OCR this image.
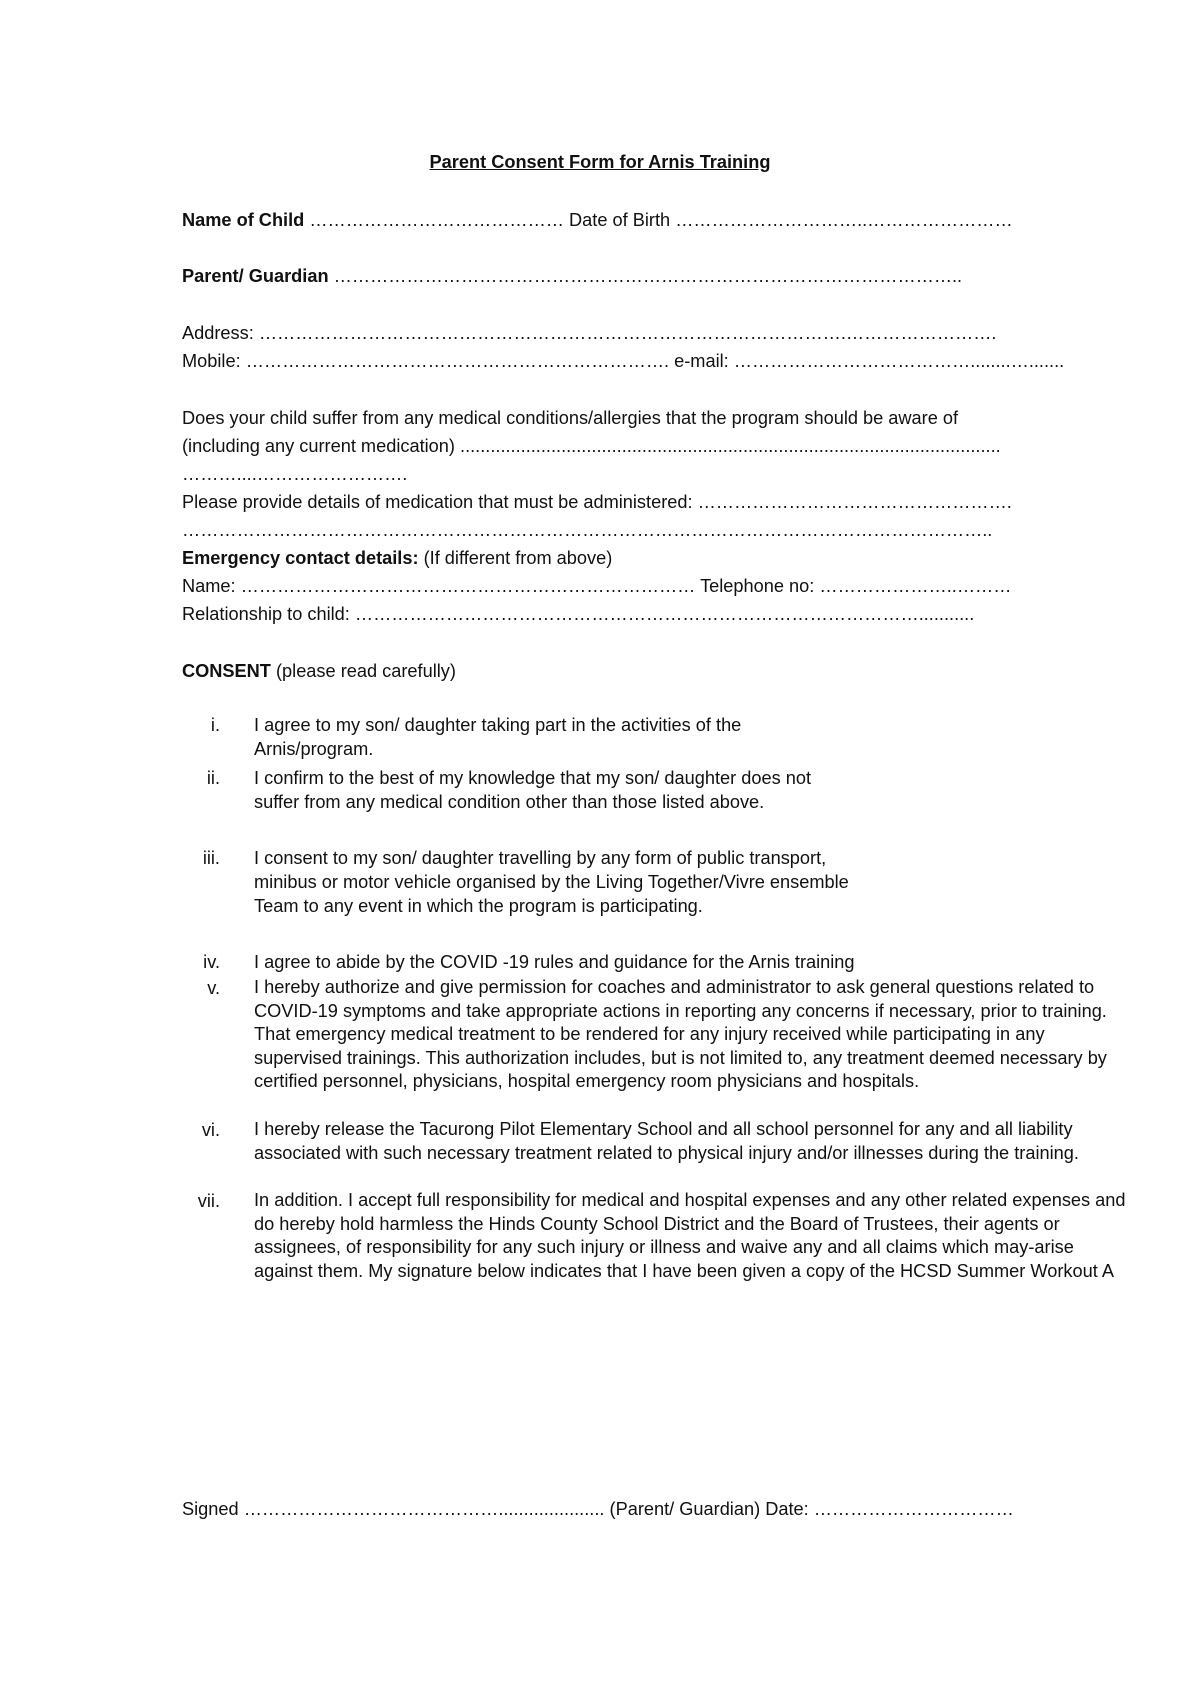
Parent Consent Form for Arnis Training
Name of Child …………………………………… Date of Birth …………………………..……………………
Parent/ Guardian …………………………………………………………………………………………..
Address: …………………………………………………………………………………….…………………….
Mobile: ……………………………………………………………. e-mail: …………………………………........….......
Does your child suffer from any medical conditions/allergies that the program should be aware of
(including any current medication) ...........................................................................................................
………....…………………….
Please provide details of medication that must be administered: …………………………………………….
……………………………………………………………………………………………………………………..
Emergency contact details: (If different from above)
Name: ………………………………………………………………… Telephone no: …………………..………
Relationship to child: …………………………………………………………………………………...........
CONSENT (please read carefully)
i. I agree to my son/ daughter taking part in the activities of the Arnis/program.
ii. I confirm to the best of my knowledge that my son/ daughter does not suffer from any medical condition other than those listed above.
iii. I consent to my son/ daughter travelling by any form of public transport, minibus or motor vehicle organised by the Living Together/Vivre ensemble Team to any event in which the program is participating.
iv. I agree to abide by the COVID -19 rules and guidance for the Arnis training
v. I hereby authorize and give permission for coaches and administrator to ask general questions related to COVID-19 symptoms and take appropriate actions in reporting any concerns if necessary, prior to training. That emergency medical treatment to be rendered for any injury received while participating in any supervised trainings. This authorization includes, but is not limited to, any treatment deemed necessary by certified personnel, physicians, hospital emergency room physicians and hospitals.
vi. I hereby release the Tacurong Pilot Elementary School and all school personnel for any and all liability associated with such necessary treatment related to physical injury and/or illnesses during the training.
vii. In addition. I accept full responsibility for medical and hospital expenses and any other related expenses and do hereby hold harmless the Hinds County School District and the Board of Trustees, their agents or assignees, of responsibility for any such injury or illness and waive any and all claims which may-arise against them. My signature below indicates that I have been given a copy of the HCSD Summer Workout A
Signed ……………………………………..................... (Parent/ Guardian) Date: ……………………………
